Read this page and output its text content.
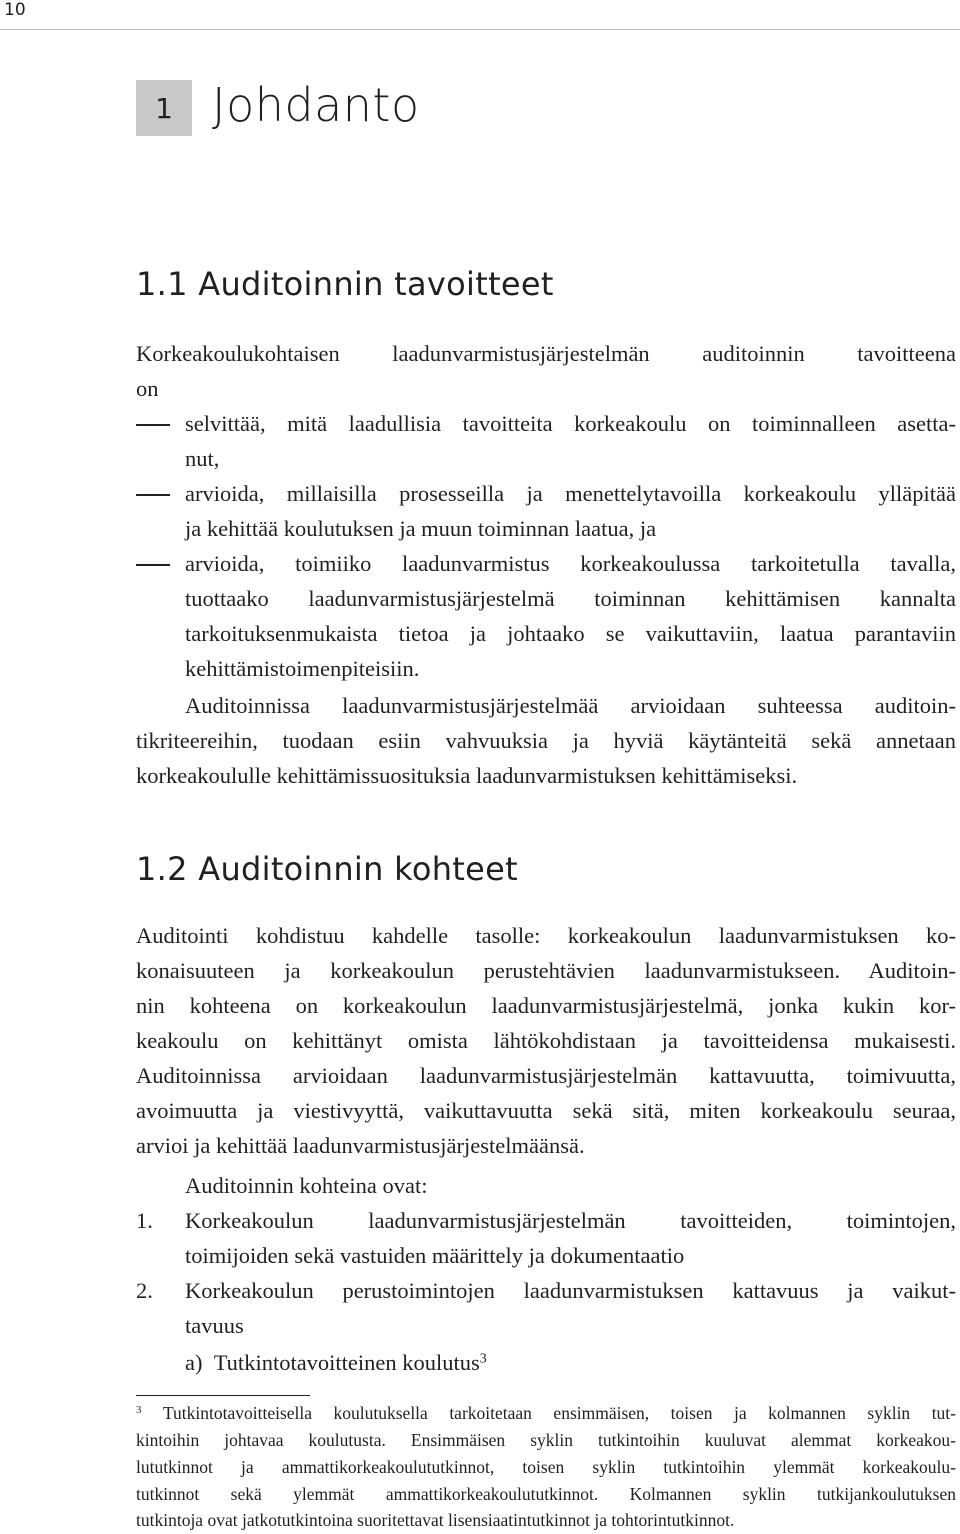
10
1 Johdanto
1.1 Auditoinnin tavoitteet
Korkeakoulukohtaisen laadunvarmistusjärjestelmän auditoinnin tavoitteena
on
selvittää, mitä laadullisia tavoitteita korkeakoulu on toiminnalleen asetta-
nut,
arvioida, millaisilla prosesseilla ja menettelytavoilla korkeakoulu ylläpitää
ja kehittää koulutuksen ja muun toiminnan laatua, ja
arvioida, toimiiko laadunvarmistus korkeakoulussa tarkoitetulla tavalla,
tuottaako laadunvarmistusjärjestelmä toiminnan kehittämisen kannalta
tarkoituksenmukaista tietoa ja johtaako se vaikuttaviin, laatua parantaviin
kehittämistoimenpiteisiin.
Auditoinnissa laadunvarmistusjärjestelmää arvioidaan suhteessa auditoin-
tikriteereihin, tuodaan esiin vahvuuksia ja hyviä käytänteitä sekä annetaan
korkeakoululle kehittämissuosituksia laadunvarmistuksen kehittämiseksi.
1.2 Auditoinnin kohteet
Auditointi kohdistuu kahdelle tasolle: korkeakoulun laadunvarmistuksen ko-
konaisuuteen ja korkeakoulun perustehtävien laadunvarmistukseen. Auditoin-
nin kohteena on korkeakoulun laadunvarmistusjärjestelmä, jonka kukin kor-
keakoulu on kehittänyt omista lähtökohdistaan ja tavoitteidensa mukaisesti.
Auditoinnissa arvioidaan laadunvarmistusjärjestelmän kattavuutta, toimivuutta,
avoimuutta ja viestivyyttä, vaikuttavuutta sekä sitä, miten korkeakoulu seuraa,
arvioi ja kehittää laadunvarmistusjärjestelmäänsä.
Auditoinnin kohteina ovat:
1. Korkeakoulun laadunvarmistusjärjestelmän tavoitteiden, toimintojen,
toimijoiden sekä vastuiden määrittely ja dokumentaatio
2. Korkeakoulun perustoimintojen laadunvarmistuksen kattavuus ja vaikut-
tavuus
a) Tutkintotavoitteinen koulutus$^3$
$^3$ Tutkintotavoitteisella koulutuksella tarkoitetaan ensimmäisen, toisen ja kolmannen syklin tut-
kintoihin johtavaa koulutusta. Ensimmäisen syklin tutkintoihin kuuluvat alemmat korkeakou-
lututkinnot ja ammattikorkeakoulututkinnot, toisen syklin tutkintoihin ylemmät korkeakoulu-
tutkinnot sekä ylemmät ammattikorkeakoulututkinnot. Kolmannen syklin tutkijankoulutuksen
tutkintoja ovat jatkotutkintoina suoritettavat lisensiaatintutkinnot ja tohtorintutkinnot.
